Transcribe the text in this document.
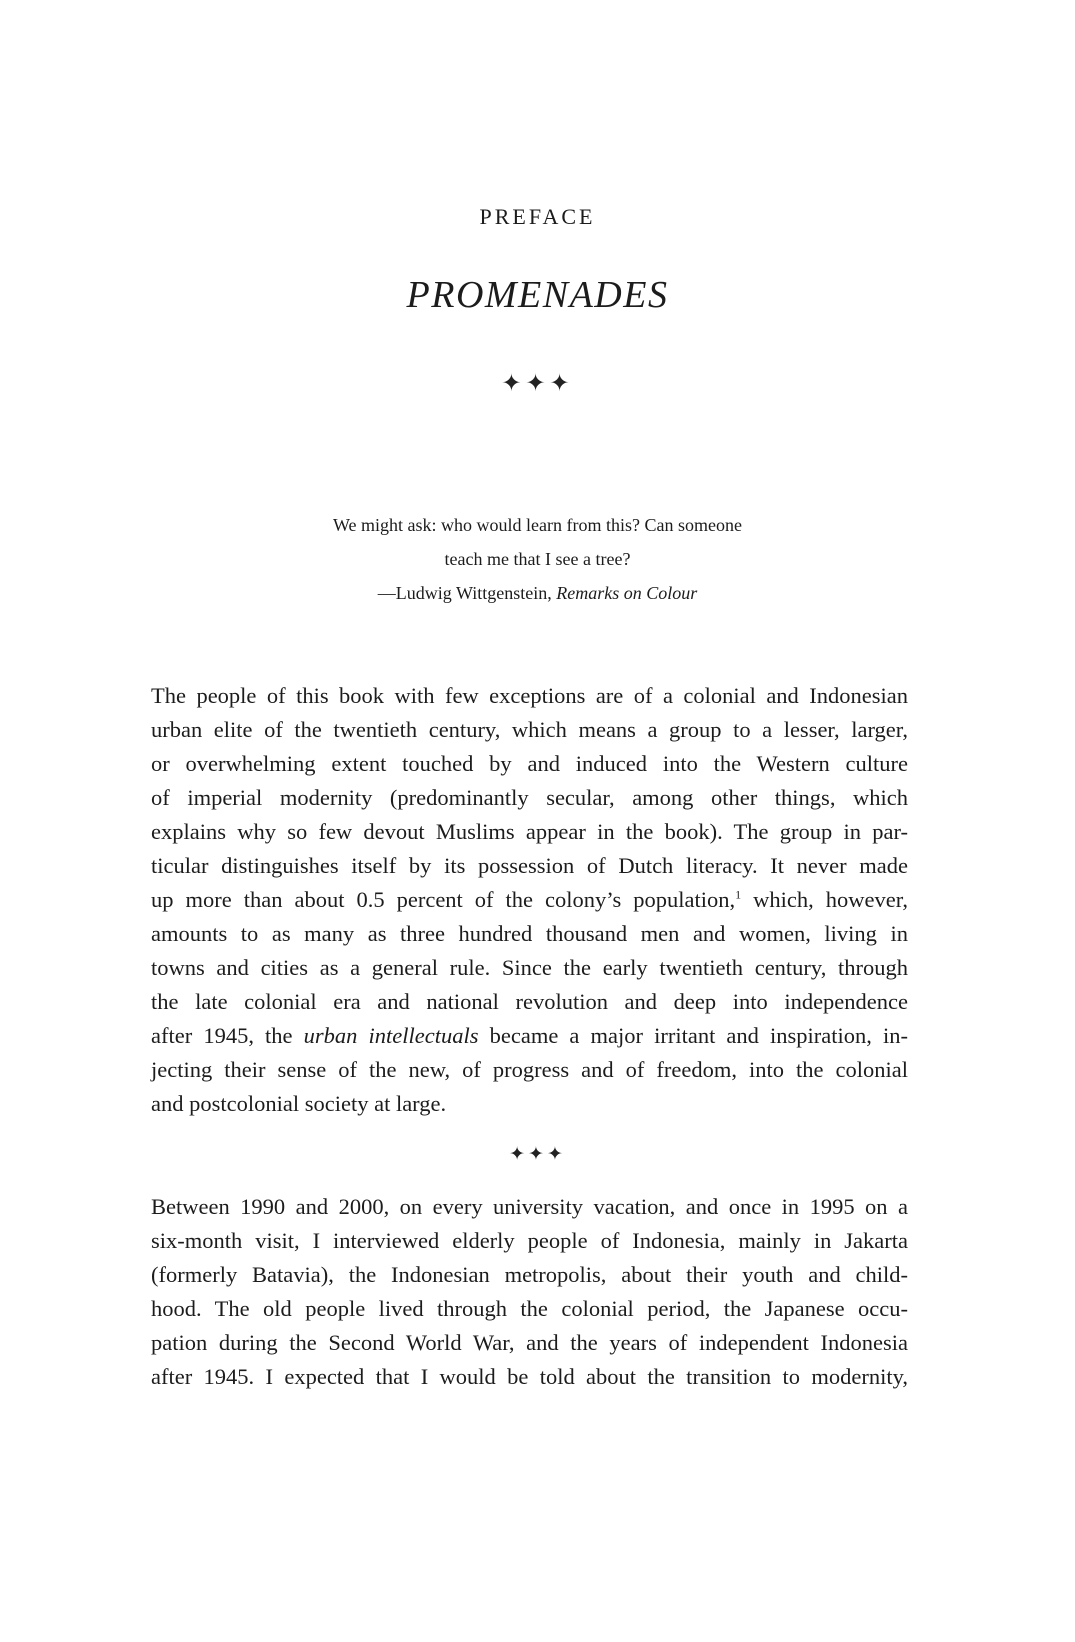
PREFACE
PROMENADES
✦✦✦
We might ask: who would learn from this? Can someone
teach me that I see a tree?
—Ludwig Wittgenstein, Remarks on Colour
The people of this book with few exceptions are of a colonial and Indonesian
urban elite of the twentieth century, which means a group to a lesser, larger,
or overwhelming extent touched by and induced into the Western culture
of imperial modernity (predominantly secular, among other things, which
explains why so few devout Muslims appear in the book). The group in par-
ticular distinguishes itself by its possession of Dutch literacy. It never made
up more than about 0.5 percent of the colony’s population,$^1$ which, however,
amounts to as many as three hundred thousand men and women, living in
towns and cities as a general rule. Since the early twentieth century, through
the late colonial era and national revolution and deep into independence
after 1945, the urban intellectuals became a major irritant and inspiration, in-
jecting their sense of the new, of progress and of freedom, into the colonial
and postcolonial society at large.
✦✦✦
Between 1990 and 2000, on every university vacation, and once in 1995 on a
six-month visit, I interviewed elderly people of Indonesia, mainly in Jakarta
(formerly Batavia), the Indonesian metropolis, about their youth and child-
hood. The old people lived through the colonial period, the Japanese occu-
pation during the Second World War, and the years of independent Indonesia
after 1945. I expected that I would be told about the transition to modernity,
